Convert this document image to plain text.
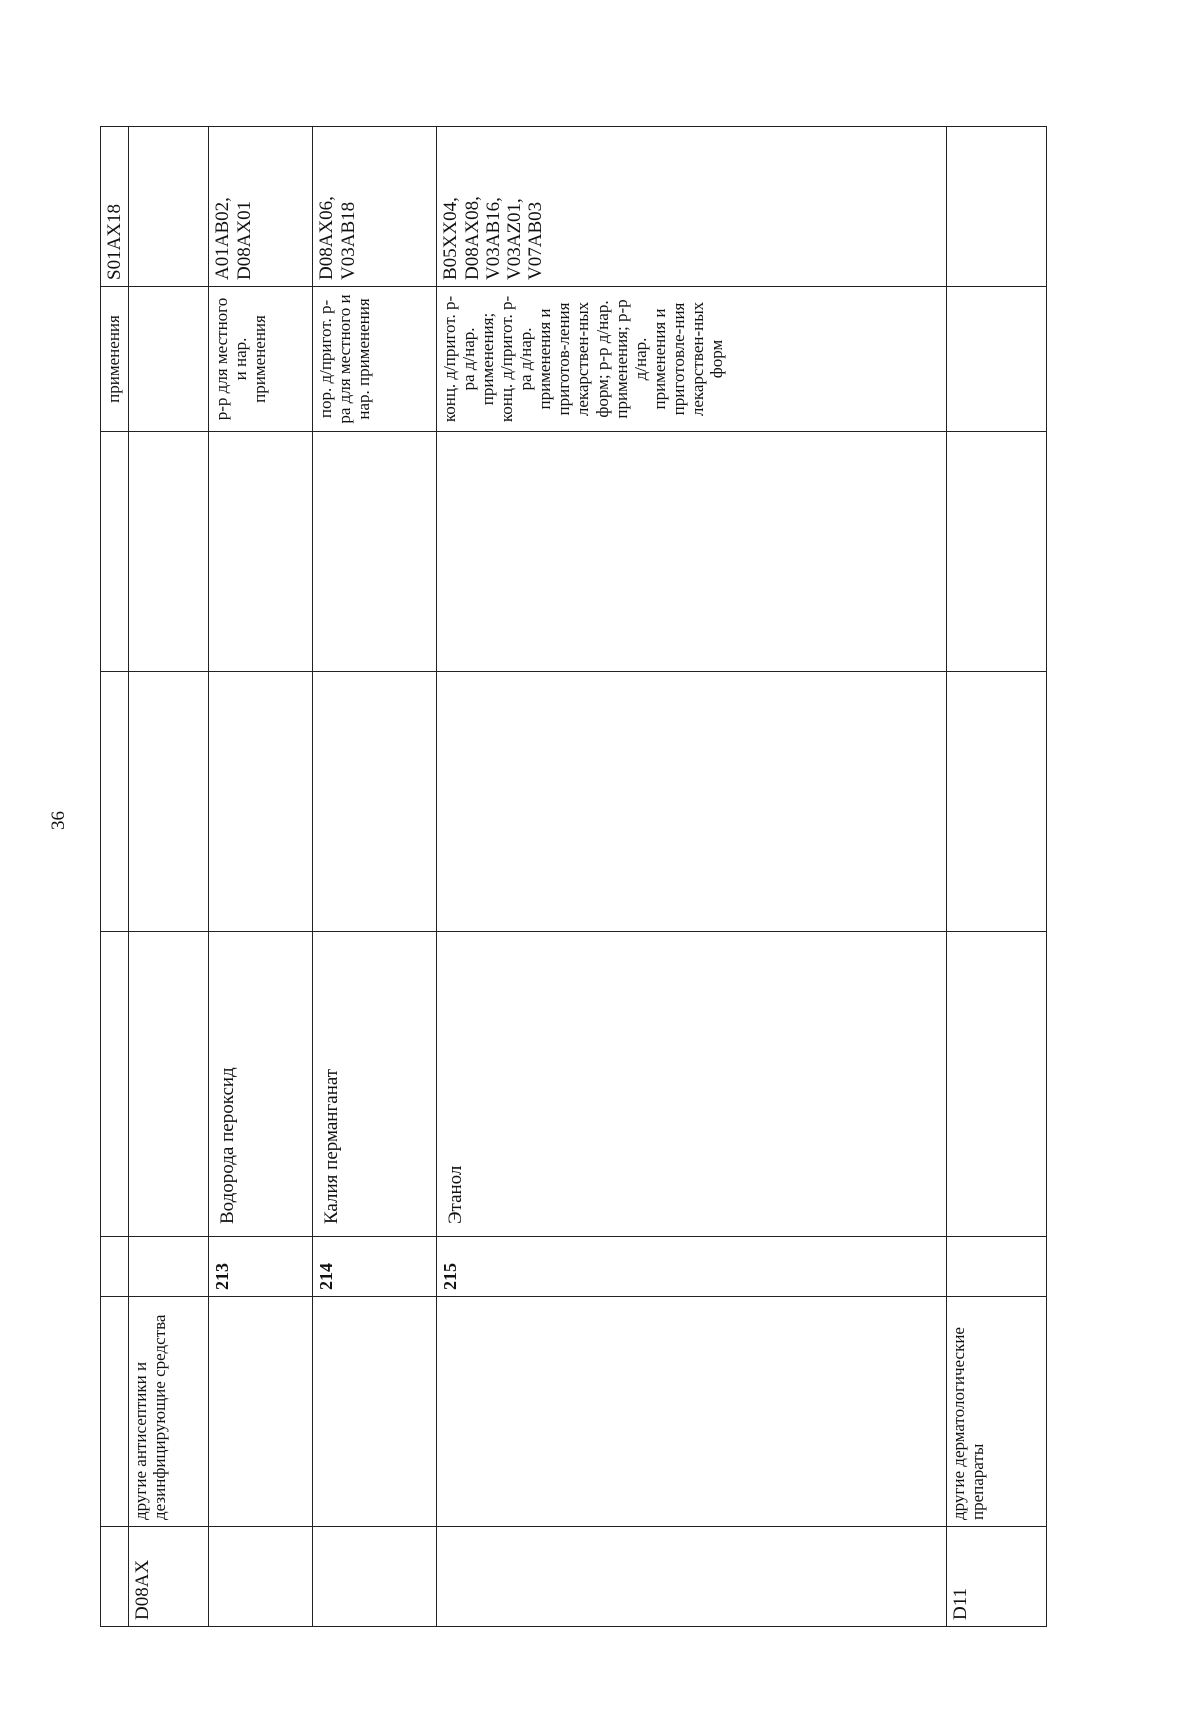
36
						применения	S01AX18
D08AX	другие антисептики и дезинфицирующие средства						
		213	Водорода пероксид			р-р для местного и нар. применения	A01AB02, D08AX01
		214	Калия перманганат			пор. д/пригот. р-ра для местного и нар. применения	D08AX06, V03AB18
		215	Этанол			конц. д/пригот. р-ра д/нар. применения; конц. д/пригот. р-ра д/нар. применения и приготов-ления лекарствен-ных форм; р-р д/нар. применения; р-р д/нар. применения и приготовле-ния лекарствен-ных форм	B05XX04, D08AX08, V03AB16, V03AZ01, V07AB03
D11	другие дерматологические препараты						
